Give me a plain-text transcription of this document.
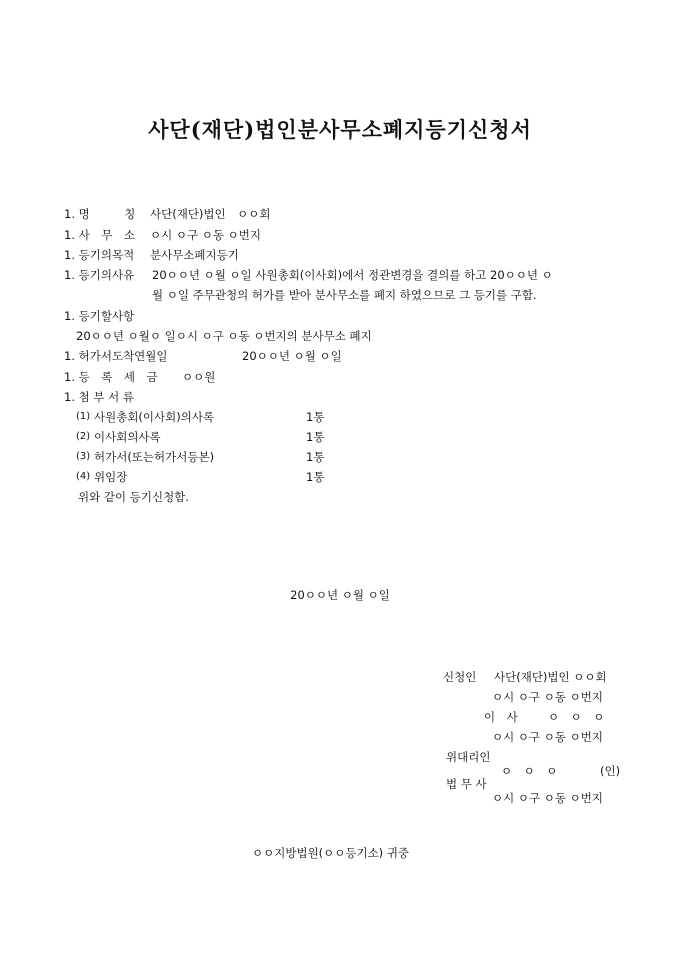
사단(재단)법인분사무소폐지등기신청서
1. 명　　　칭 사단(재단)법인　ㅇㅇ회
1. 사　무　소 ㅇ시 ㅇ구 ㅇ동 ㅇ번지
1. 등기의목적 분사무소폐지등기
1. 등기의사유 20ㅇㅇ년 ㅇ월 ㅇ일 사원총회(이사회)에서 정관변경을 결의를 하고 20ㅇㅇ년 ㅇ
월 ㅇ일 주무관청의 허가를 받아 분사무소를 폐지 하였으므로 그 등기를 구함.
1. 등기할사항
20ㅇㅇ년 ㅇ월ㅇ 일ㅇ시 ㅇ구 ㅇ동 ㅇ번지의 분사무소 폐지
1. 허가서도착연월일	20ㅇㅇ년 ㅇ월 ㅇ일
1. 등　록　세　금 ㅇㅇ원
1. 첨 부 서 류
(1) 사원총회(이사회)의사록	1통
(2) 이사회의사록	1통
(3) 허가서(또는허가서등본)	1통
(4) 위임장	1통
위와 같이 등기신청함.
20ㅇㅇ년 ㅇ월 ㅇ일
신청인 사단(재단)법인 ㅇㅇ회
ㅇ시 ㅇ구 ㅇ동 ㅇ번지
이　사	ㅇ　ㅇ　ㅇ
ㅇ시 ㅇ구 ㅇ동 ㅇ번지
위대리인
ㅇ　ㅇ　ㅇ	(인)
법 무 사
ㅇ시 ㅇ구 ㅇ동 ㅇ번지
ㅇㅇ지방법원(ㅇㅇ등기소) 귀중
